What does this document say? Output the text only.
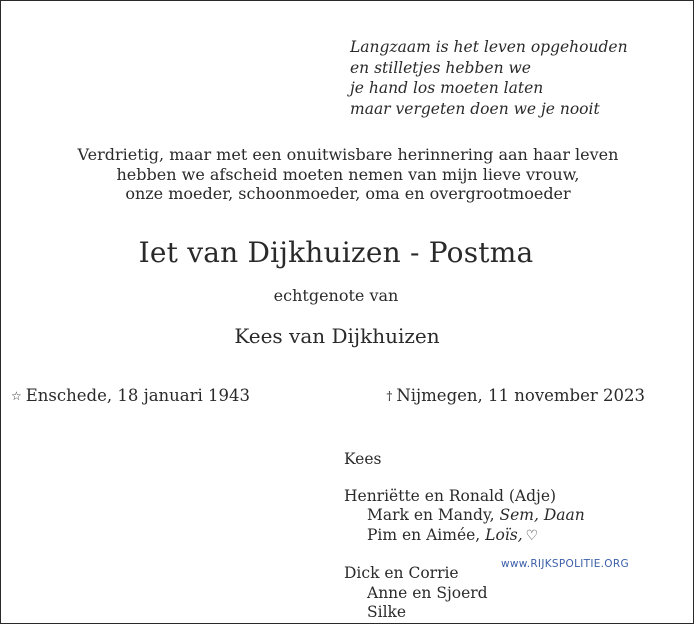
Langzaam is het leven opgehouden
en stilletjes hebben we
je hand los moeten laten
maar vergeten doen we je nooit
Verdrietig, maar met een onuitwisbare herinnering aan haar leven
hebben we afscheid moeten nemen van mijn lieve vrouw,
onze moeder, schoonmoeder, oma en overgrootmoeder
Iet van Dijkhuizen - Postma
echtgenote van
Kees van Dijkhuizen
☆ Enschede, 18 januari 1943	† Nijmegen, 11 november 2023
Kees
Henriëtte en Ronald (Adje)
Mark en Mandy, Sem, Daan
Pim en Aimée, Loïs, ♡
Dick en Corrie
Anne en Sjoerd
Silke
www.RIJKSPOLITIE.ORG
